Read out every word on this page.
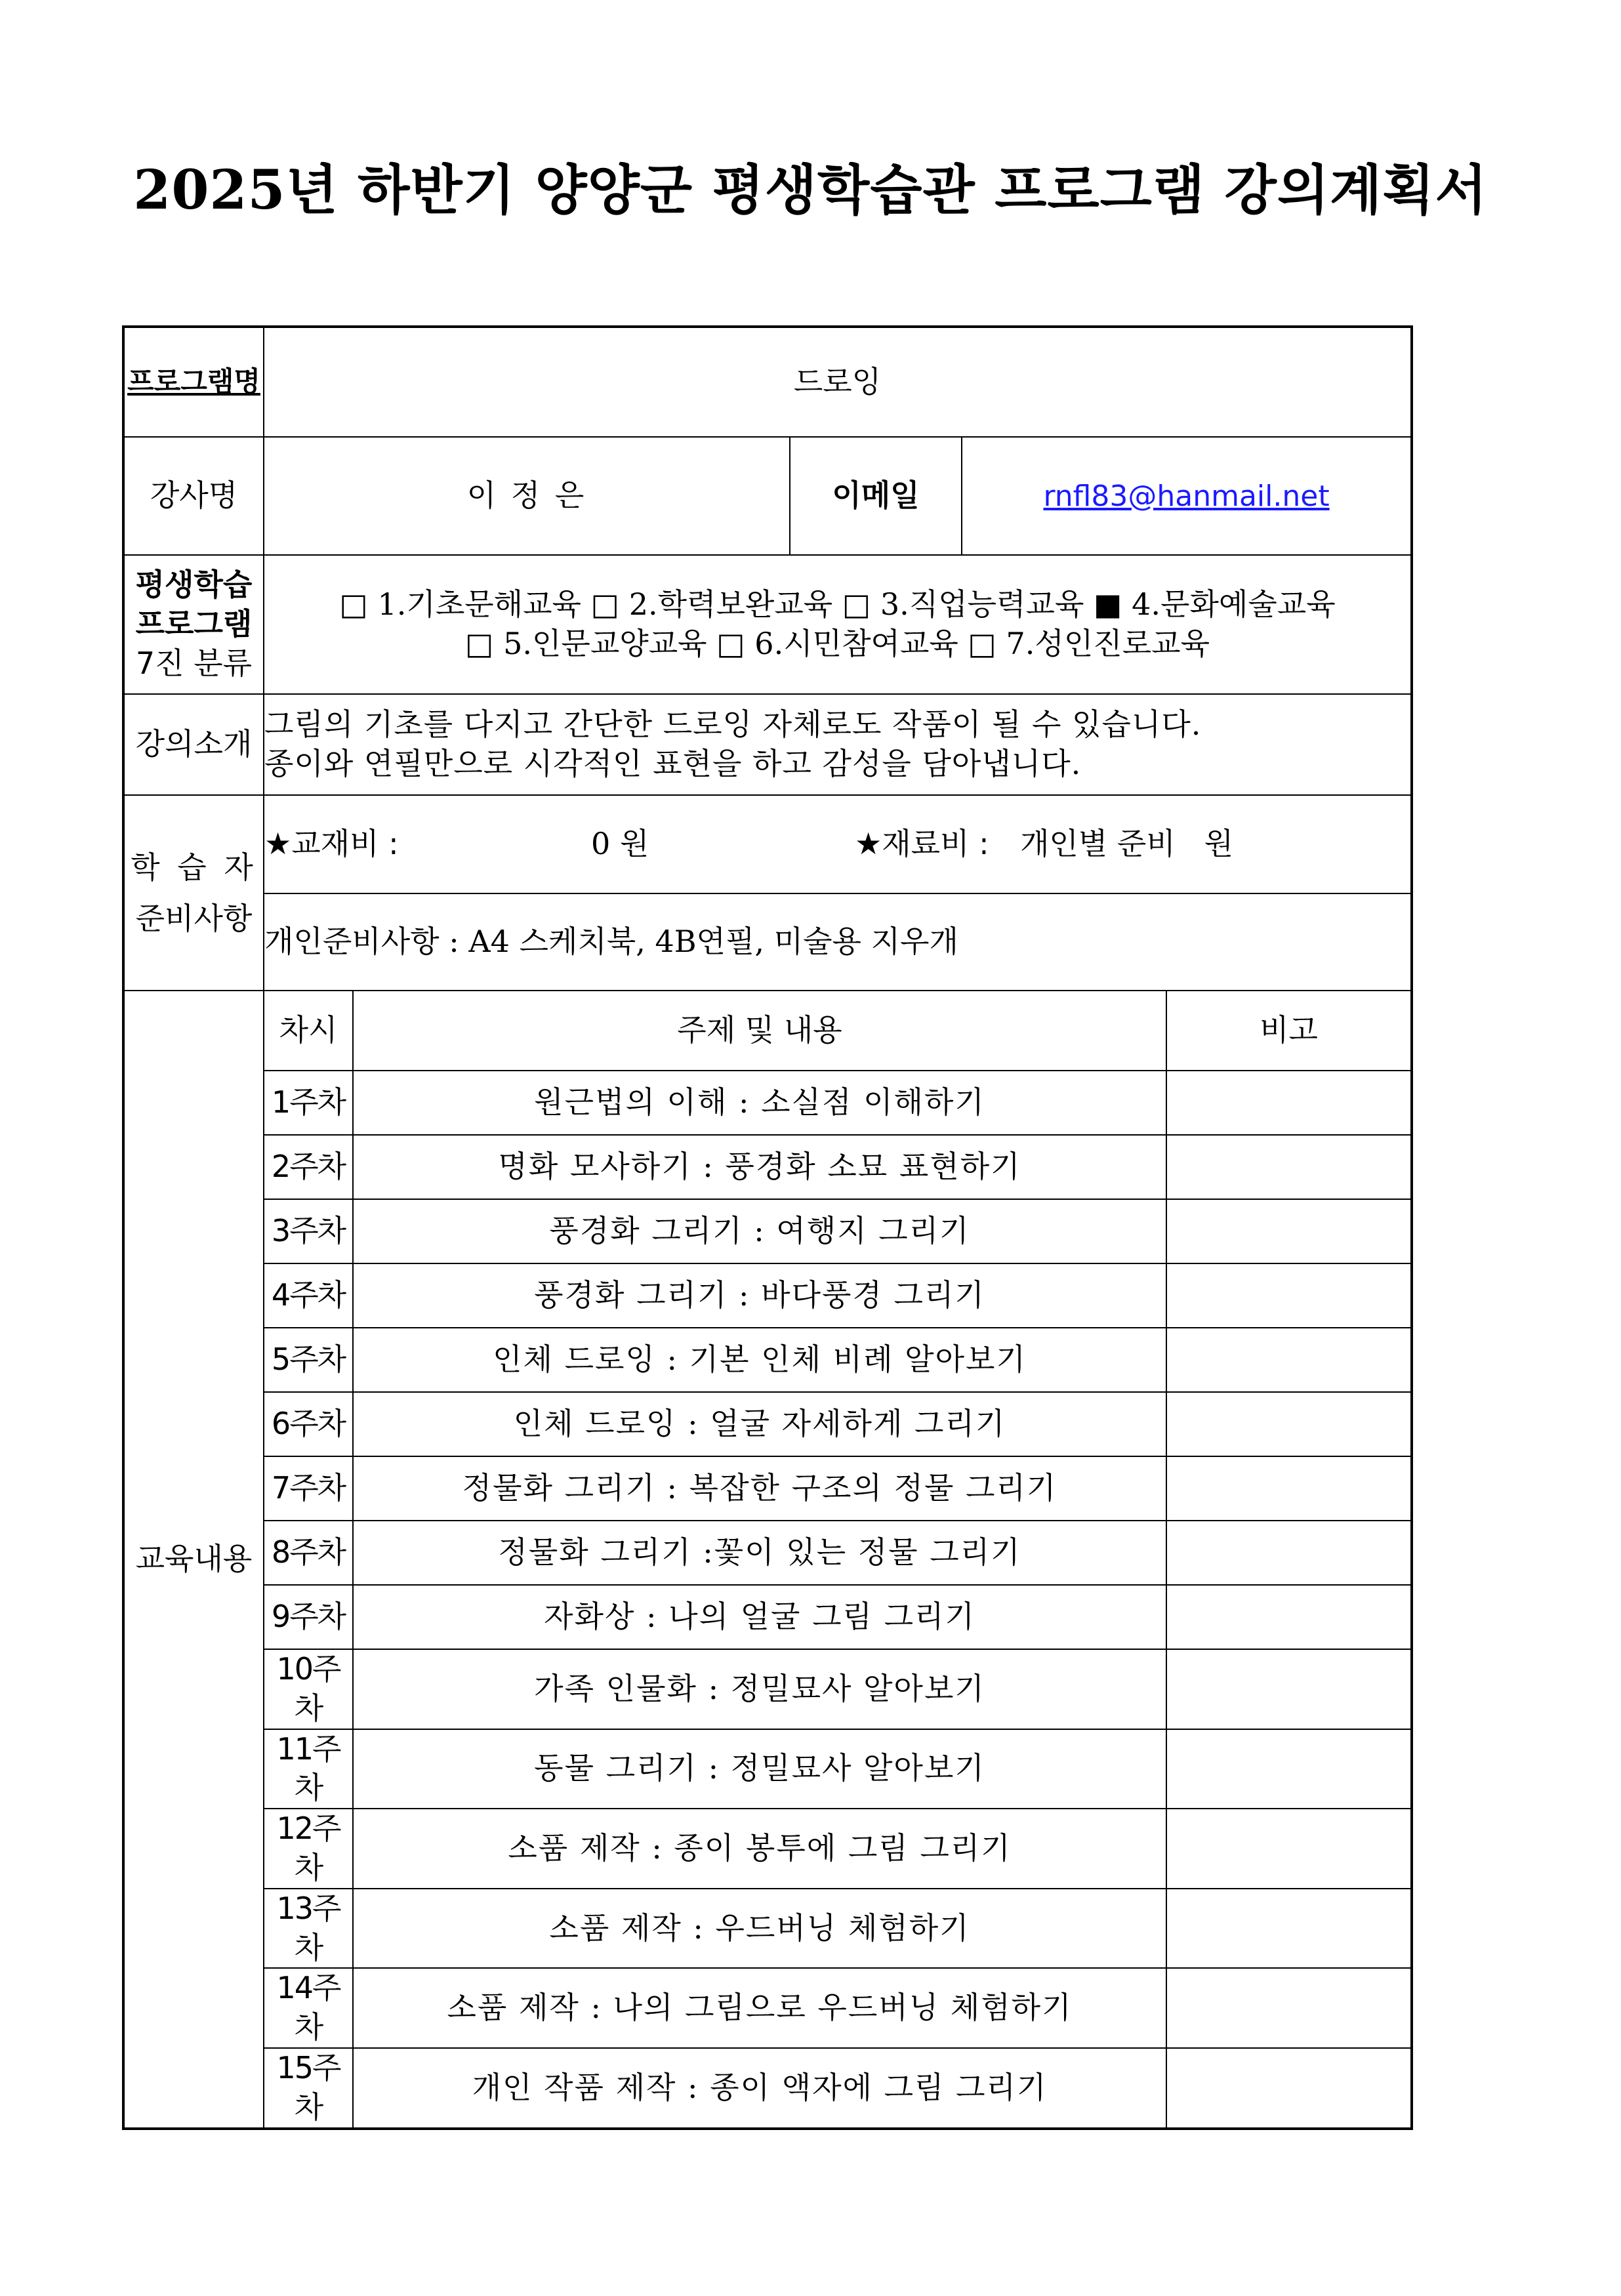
2025년 하반기 양양군 평생학습관 프로그램 강의계획서
프로그램명	드로잉				
강사명	이 정 은		이메일	rnfl83@hanmail.net	

평생학습
프로그램
7진 분류	□ 1.기초문해교육 □ 2.학력보완교육 □ 3.직업능력교육 ■ 4.문화예술교육
□ 5.인문교양교육 □ 6.시민참여교육 □ 7.성인진로교육				

강의소개	그림의 기초를 다지고 간단한 드로잉 자체로도 작품이 될 수 있습니다.
종이와 연필만으로 시각적인 표현을 하고 감성을 담아냅니다.				

학 습 자
준비사항	★교재비 : 0 원 ★재료비 : 개인별 준비   원				

	개인준비사항 : A4 스케치북, 4B연필, 미술용 지우개				
교육내용	차시	주제 및 내용			비고
	1주차	원근법의 이해 : 소실점 이해하기			
	2주차	명화 모사하기 : 풍경화 소묘 표현하기			
	3주차	풍경화 그리기 : 여행지 그리기			
	4주차	풍경화 그리기 : 바다풍경 그리기			
	5주차	인체 드로잉 : 기본 인체 비례 알아보기			
	6주차	인체 드로잉 : 얼굴 자세하게 그리기			
	7주차	정물화 그리기 : 복잡한 구조의 정물 그리기			
	8주차	정물화 그리기 :꽃이 있는 정물 그리기			
	9주차	자화상 : 나의 얼굴 그림 그리기			
	10주차	가족 인물화 : 정밀묘사 알아보기			
	11주차	동물 그리기 : 정밀묘사 알아보기			
	12주차	소품 제작 : 종이 봉투에 그림 그리기			
	13주차	소품 제작 : 우드버닝 체험하기			
	14주차	소품 제작 : 나의 그림으로 우드버닝 체험하기			
	15주차	개인 작품 제작 : 종이 액자에 그림 그리기			
